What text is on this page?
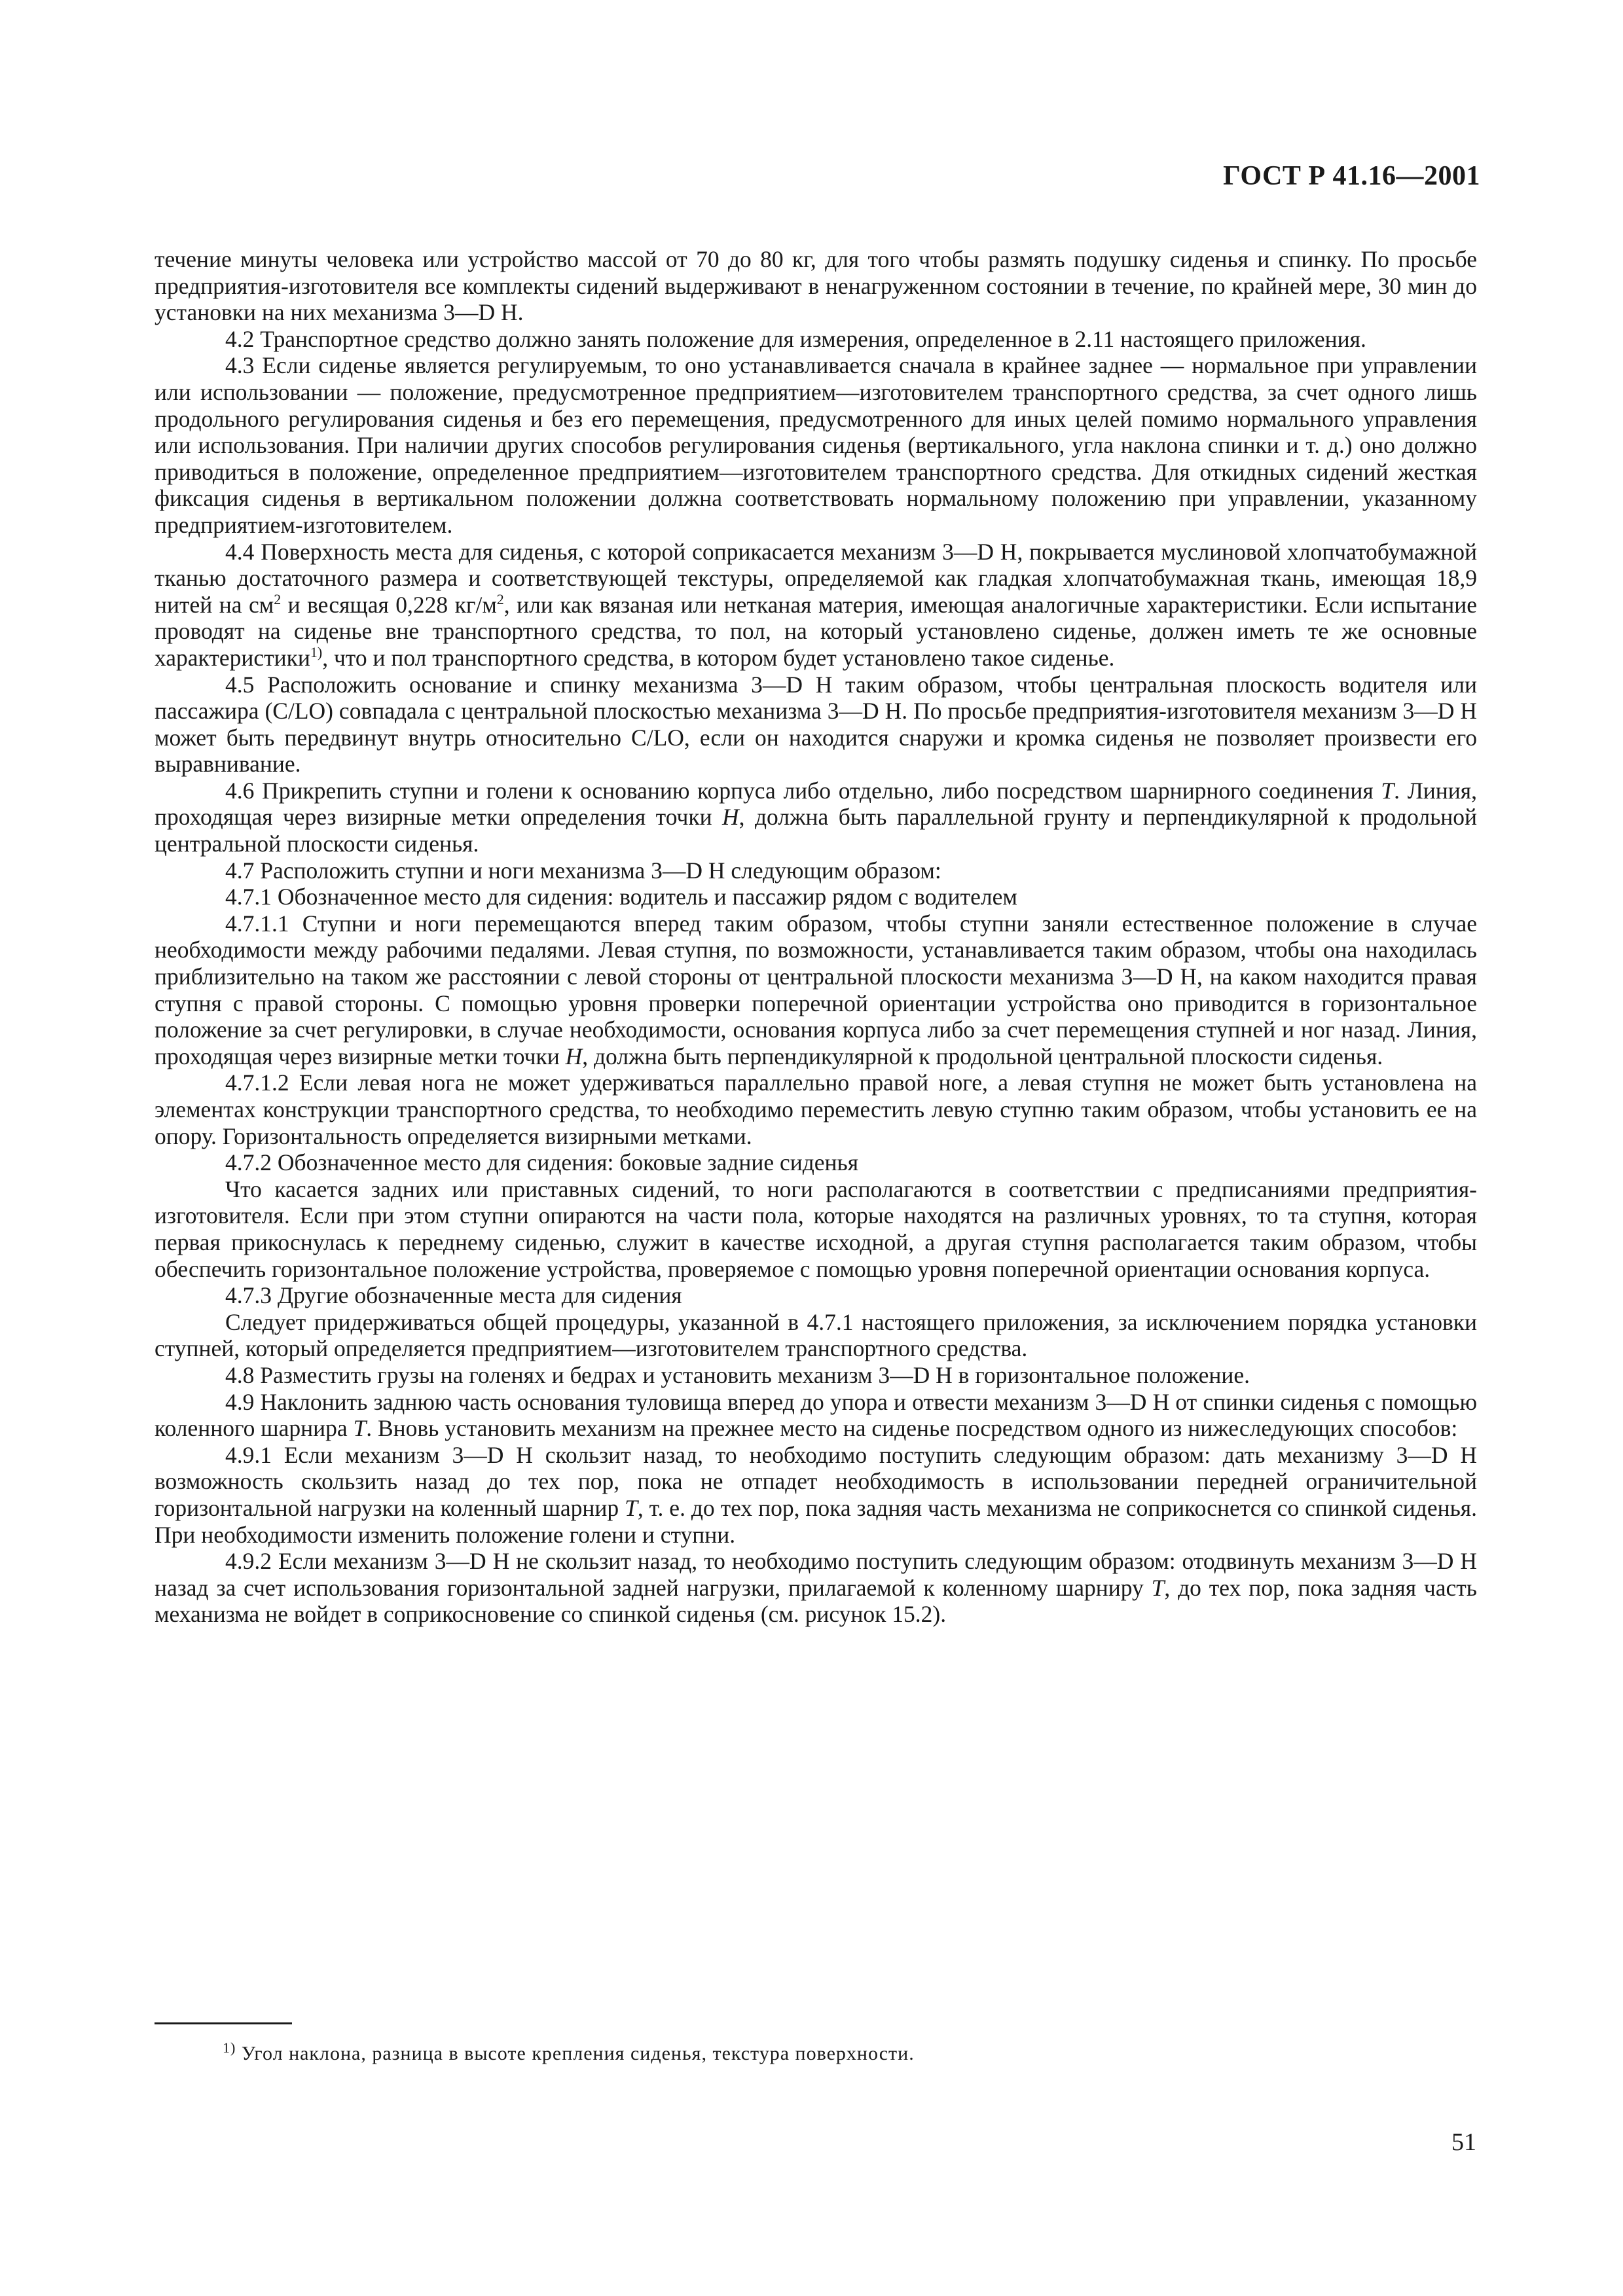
ГОСТ Р 41.16—2001

течение минуты человека или устройство массой от 70 до 80 кг, для того чтобы размять подушку сиденья и спинку. По просьбе предприятия-изготовителя все комплекты сидений выдерживают в ненагруженном состоянии в течение, по крайней мере, 30 мин до установки на них механизма 3—D H.

4.2 Транспортное средство должно занять положение для измерения, определенное в 2.11 настоящего приложения.

4.3 Если сиденье является регулируемым, то оно устанавливается сначала в крайнее заднее — нормальное при управлении или использовании — положение, предусмотренное предприятием—изготовителем транспортного средства, за счет одного лишь продольного регулирования сиденья и без его перемещения, предусмотренного для иных целей помимо нормального управления или использования. При наличии других способов регулирования сиденья (вертикального, угла наклона спинки и т. д.) оно должно приводиться в положение, определенное предприятием—изготовителем транспортного средства. Для откидных сидений жесткая фиксация сиденья в вертикальном положении должна соответствовать нормальному положению при управлении, указанному предприятием-изготовителем.

4.4 Поверхность места для сиденья, с которой соприкасается механизм 3—D H, покрывается муслиновой хлопчатобумажной тканью достаточного размера и соответствующей текстуры, определяемой как гладкая хлопчатобумажная ткань, имеющая 18,9 нитей на $см^2$ и весящая 0,228 $кг/м^2$, или как вязаная или нетканая материя, имеющая аналогичные характеристики. Если испытание проводят на сиденье вне транспортного средства, то пол, на который установлено сиденье, должен иметь те же основные характеристики$^{1)}$, что и пол транспортного средства, в котором будет установлено такое сиденье.

4.5 Расположить основание и спинку механизма 3—D H таким образом, чтобы центральная плоскость водителя или пассажира (C/LO) совпадала с центральной плоскостью механизма 3—D H. По просьбе предприятия-изготовителя механизм 3—D H может быть передвинут внутрь относительно C/LO, если он находится снаружи и кромка сиденья не позволяет произвести его выравнивание.

4.6 Прикрепить ступни и голени к основанию корпуса либо отдельно, либо посредством шарнирного соединения T. Линия, проходящая через визирные метки определения точки H, должна быть параллельной грунту и перпендикулярной к продольной центральной плоскости сиденья.

4.7 Расположить ступни и ноги механизма 3—D H следующим образом:

4.7.1 Обозначенное место для сидения: водитель и пассажир рядом с водителем

4.7.1.1 Ступни и ноги перемещаются вперед таким образом, чтобы ступни заняли естественное положение в случае необходимости между рабочими педалями. Левая ступня, по возможности, устанавливается таким образом, чтобы она находилась приблизительно на таком же расстоянии с левой стороны от центральной плоскости механизма 3—D H, на каком находится правая ступня с правой стороны. С помощью уровня проверки поперечной ориентации устройства оно приводится в горизонтальное положение за счет регулировки, в случае необходимости, основания корпуса либо за счет перемещения ступней и ног назад. Линия, проходящая через визирные метки точки H, должна быть перпендикулярной к продольной центральной плоскости сиденья.

4.7.1.2 Если левая нога не может удерживаться параллельно правой ноге, а левая ступня не может быть установлена на элементах конструкции транспортного средства, то необходимо переместить левую ступню таким образом, чтобы установить ее на опору. Горизонтальность определяется визирными метками.

4.7.2 Обозначенное место для сидения: боковые задние сиденья

Что касается задних или приставных сидений, то ноги располагаются в соответствии с предписаниями предприятия-изготовителя. Если при этом ступни опираются на части пола, которые находятся на различных уровнях, то та ступня, которая первая прикоснулась к переднему сиденью, служит в качестве исходной, а другая ступня располагается таким образом, чтобы обеспечить горизонтальное положение устройства, проверяемое с помощью уровня поперечной ориентации основания корпуса.

4.7.3 Другие обозначенные места для сидения

Следует придерживаться общей процедуры, указанной в 4.7.1 настоящего приложения, за исключением порядка установки ступней, который определяется предприятием—изготовителем транспортного средства.

4.8 Разместить грузы на голенях и бедрах и установить механизм 3—D H в горизонтальное положение.

4.9 Наклонить заднюю часть основания туловища вперед до упора и отвести механизм 3—D H от спинки сиденья с помощью коленного шарнира T. Вновь установить механизм на прежнее место на сиденье посредством одного из нижеследующих способов:

4.9.1 Если механизм 3—D H скользит назад, то необходимо поступить следующим образом: дать механизму 3—D H возможность скользить назад до тех пор, пока не отпадет необходимость в использовании передней ограничительной горизонтальной нагрузки на коленный шарнир T, т. е. до тех пор, пока задняя часть механизма не соприкоснется со спинкой сиденья. При необходимости изменить положение голени и ступни.

4.9.2 Если механизм 3—D H не скользит назад, то необходимо поступить следующим образом: отодвинуть механизм 3—D H назад за счет использования горизонтальной задней нагрузки, прилагаемой к коленному шарниру T, до тех пор, пока задняя часть механизма не войдет в соприкосновение со спинкой сиденья (см. рисунок 15.2).

$^{1)}$ Угол наклона, разница в высоте крепления сиденья, текстура поверхности.
51
